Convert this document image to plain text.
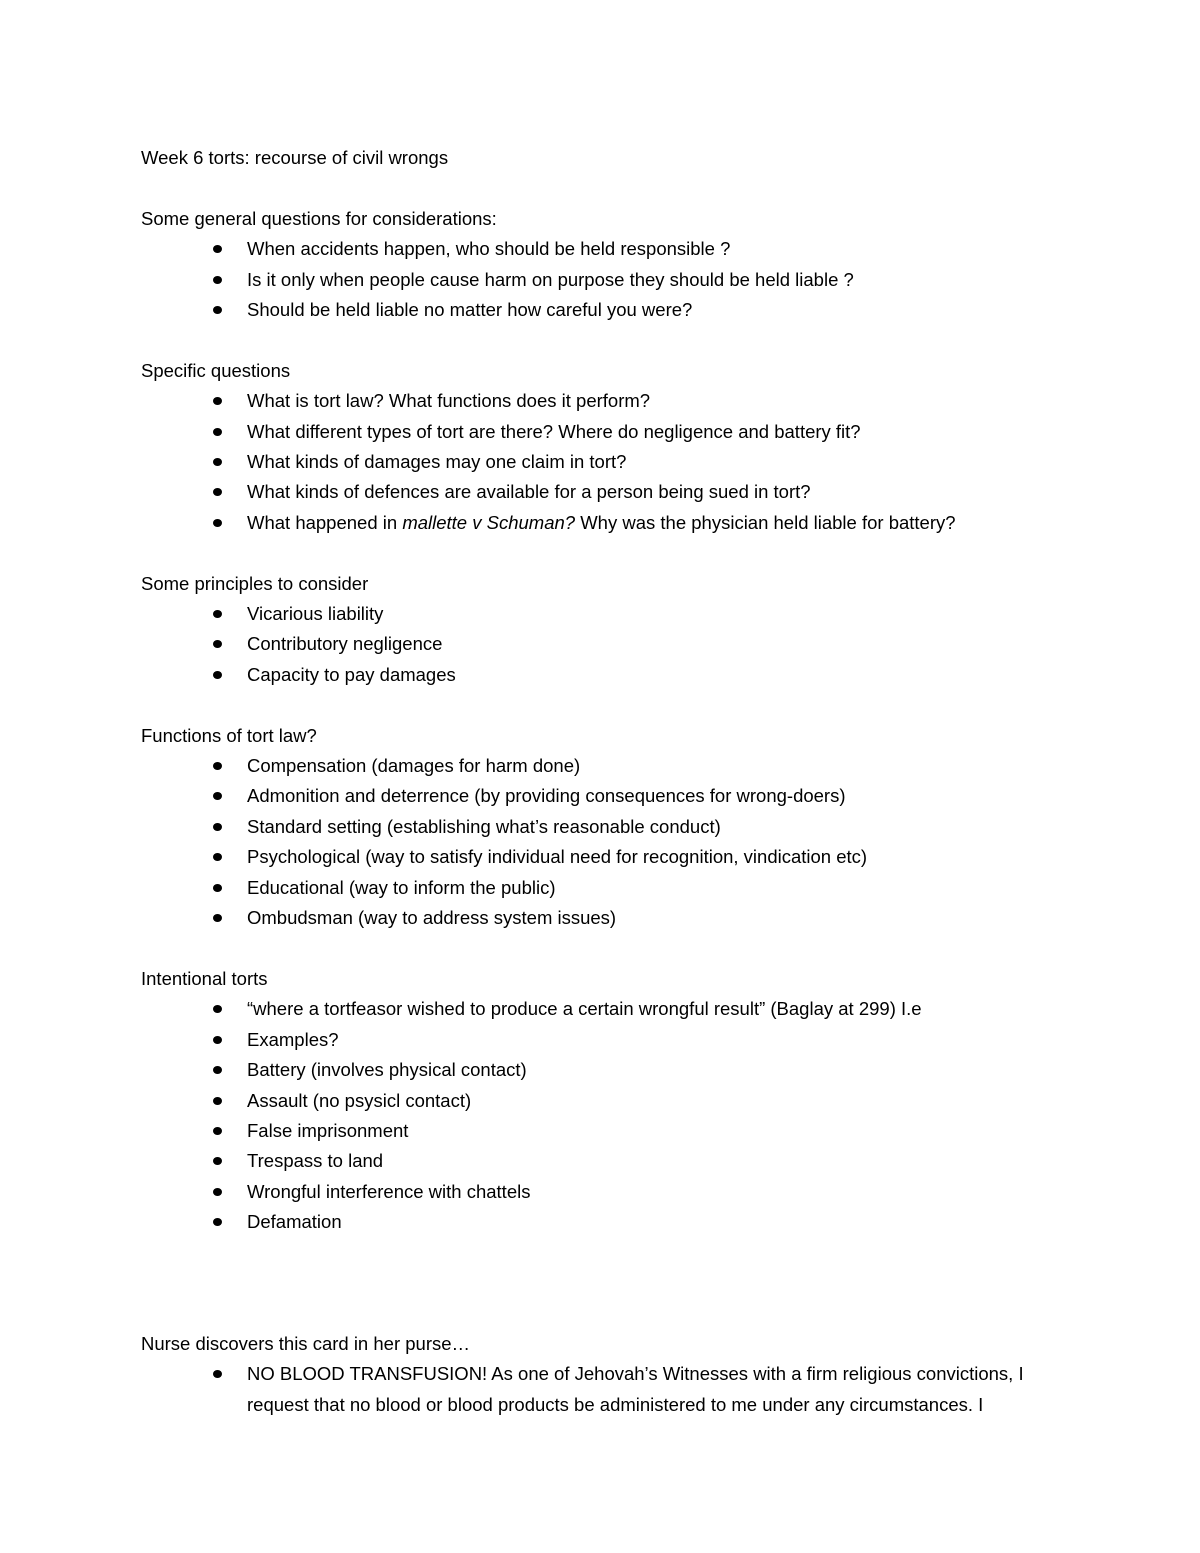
Week 6 torts: recourse of civil wrongs

Some general questions for considerations:

When accidents happen, who should be held responsible ?
Is it only when people cause harm on purpose they should be held liable ?
Should be held liable no matter how careful you were?

Specific questions

What is tort law? What functions does it perform?
What different types of tort are there? Where do negligence and battery fit?
What kinds of damages may one claim in tort?
What kinds of defences are available for a person being sued in tort?
What happened in mallette v Schuman? Why was the physician held liable for battery?

Some principles to consider

Vicarious liability
Contributory negligence
Capacity to pay damages

Functions of tort law?

Compensation (damages for harm done)
Admonition and deterrence (by providing consequences for wrong-doers)
Standard setting (establishing what’s reasonable conduct)
Psychological (way to satisfy individual need for recognition, vindication etc)
Educational (way to inform the public)
Ombudsman (way to address system issues)

Intentional torts

“where a tortfeasor wished to produce a certain wrongful result” (Baglay at 299) I.e
Examples?
Battery (involves physical contact)
Assault (no psysicl contact)
False imprisonment
Trespass to land
Wrongful interference with chattels
Defamation

Nurse discovers this card in her purse…

NO BLOOD TRANSFUSION! As one of Jehovah’s Witnesses with a firm religious convictions, I request that no blood or blood products be administered to me under any circumstances. I
